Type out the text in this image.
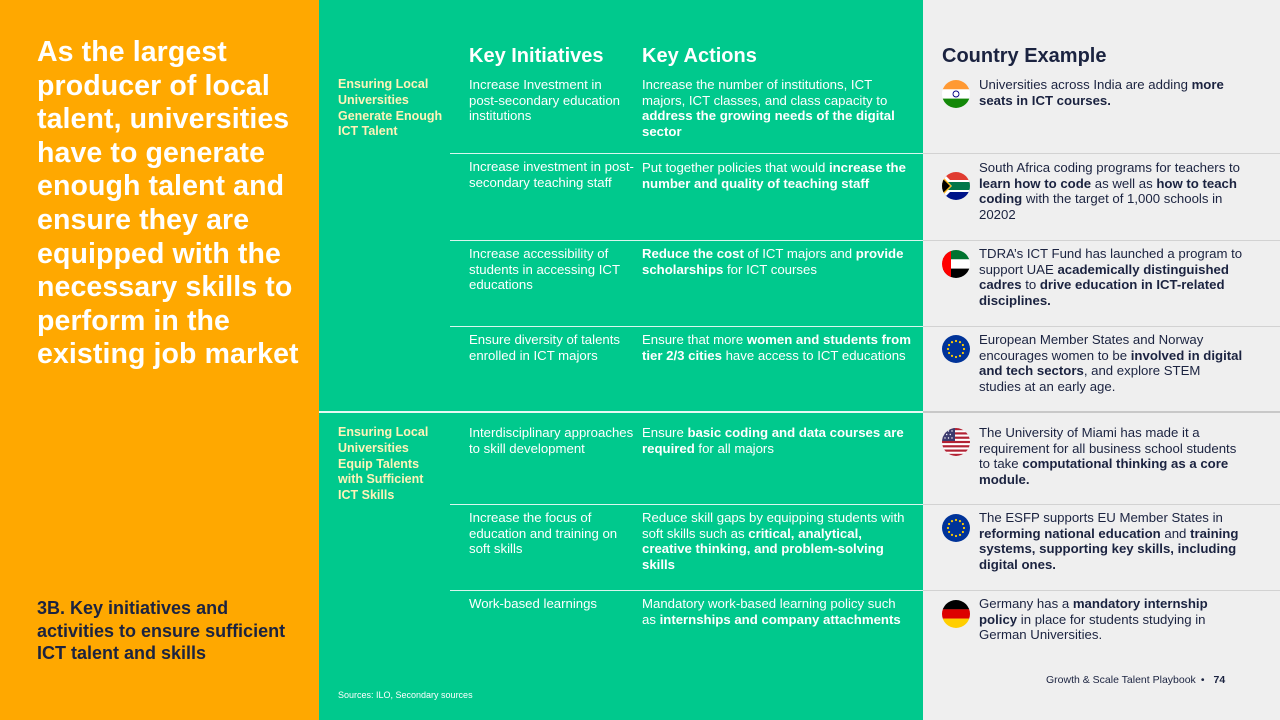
As the largest producer of local talent, universities have to generate enough talent and ensure they are equipped with the necessary skills to perform in the existing job market
3B. Key initiatives and activities to ensure sufficient ICT talent and skills
Key Initiatives Key Actions	Country Example
Ensuring Local Universities Generate Enough ICT Talent
Ensuring Local Universities Equip Talents with Sufficient ICT Skills
Increase Investment in post-secondary education institutions
Increase the number of institutions, ICT majors, ICT classes, and class capacity to address the growing needs of the digital sector
Universities across India are adding more seats in ICT courses.
Increase investment in post-secondary teaching staff
Put together policies that would increase the number and quality of teaching staff
South Africa coding programs for teachers to learn how to code as well as how to teach coding with the target of 1,000 schools in 20202
Increase accessibility of students in accessing ICT educations
Reduce the cost of ICT majors and provide scholarships for ICT courses
TDRA’s ICT Fund has launched a program to support UAE academically distinguished cadres to drive education in ICT-related disciplines.
Ensure diversity of talents enrolled in ICT majors
Ensure that more women and students from tier 2/3 cities have access to ICT educations
European Member States and Norway encourages women to be involved in digital and tech sectors, and explore STEM studies at an early age.
Interdisciplinary approaches to skill development
Ensure basic coding and data courses are required for all majors
The University of Miami has made it a requirement for all business school students to take computational thinking as a core module.
Increase the focus of education and training on soft skills
Reduce skill gaps by equipping students with soft skills such as critical, analytical, creative thinking, and problem-solving skills
The ESFP supports EU Member States in reforming national education and training systems, supporting key skills, including digital ones.
Work-based learnings	Mandatory work-based learning policy such as internships and company attachments
Germany has a mandatory internship policy in place for students studying in German Universities.
Sources: ILO, Secondary sources
Growth & Scale Talent Playbook • 74
